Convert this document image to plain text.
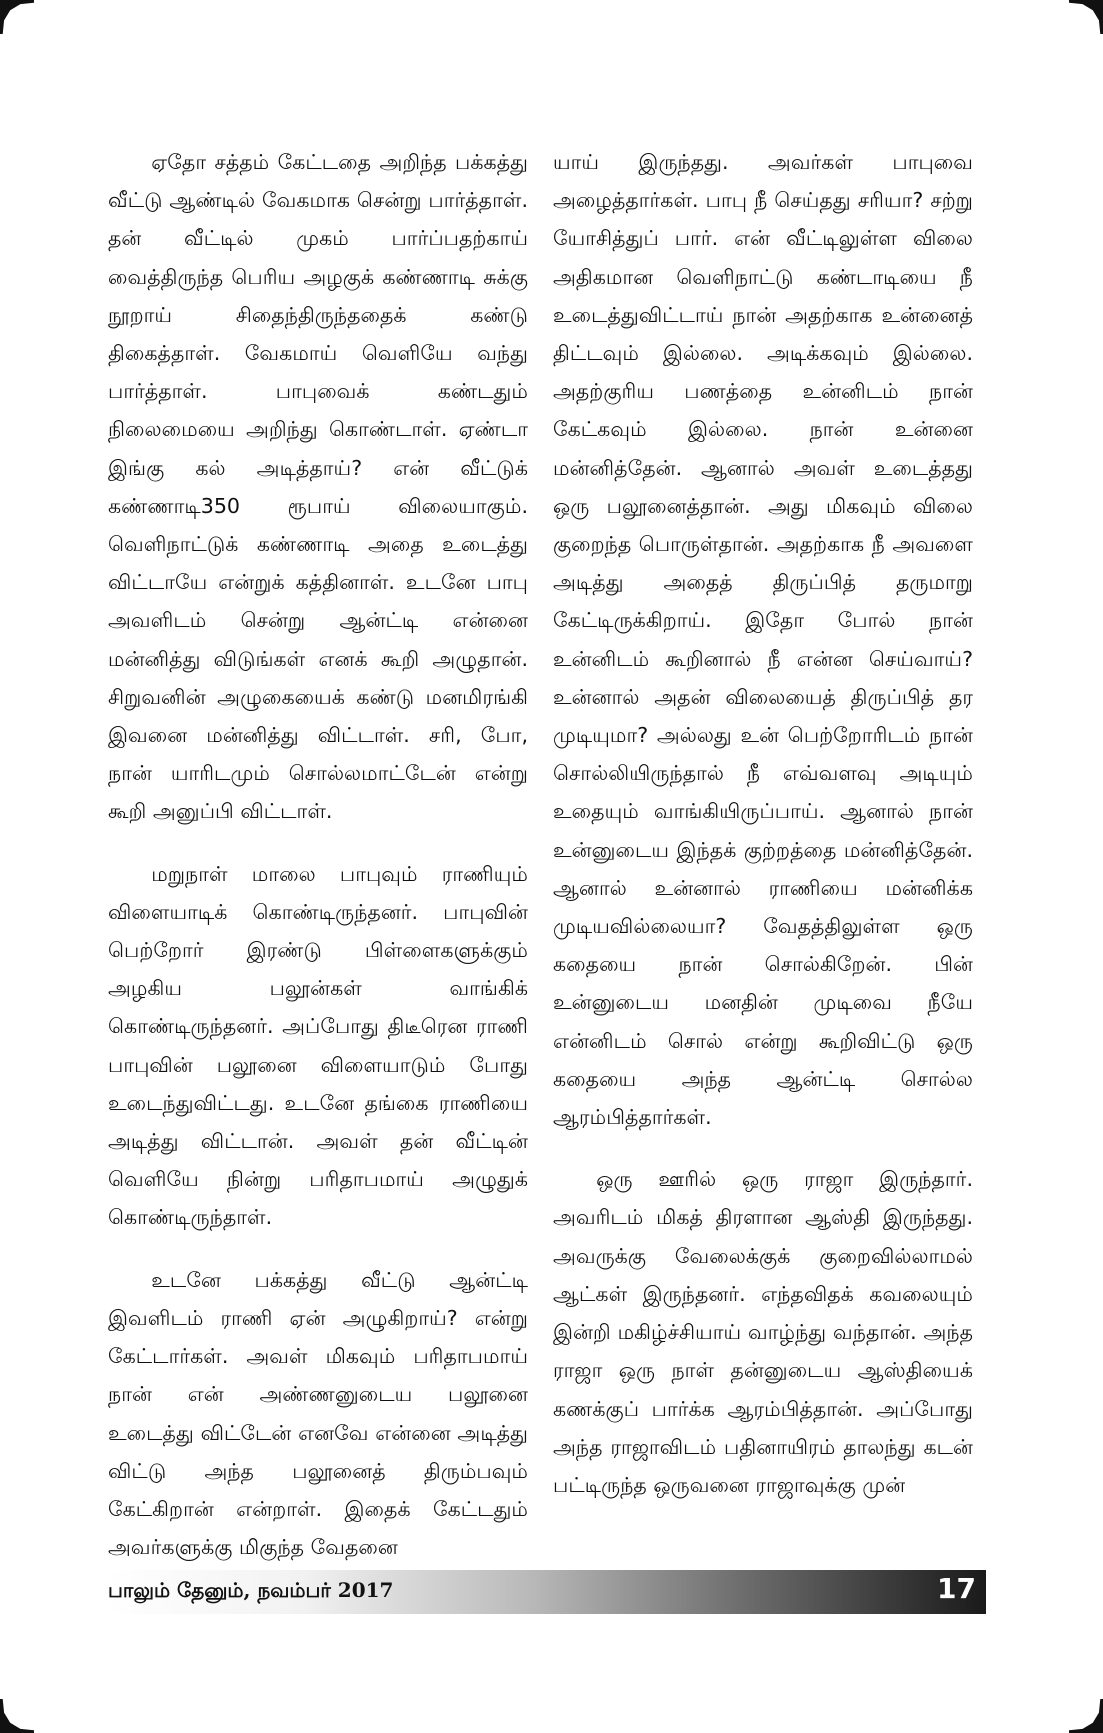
ஏதோ சத்தம் கேட்டதை அறிந்த பக்கத்து வீட்டு ஆண்டில் வேகமாக சென்று பார்த்தாள். தன் வீட்டில் முகம் பார்ப்பதற்காய் வைத்திருந்த பெரிய அழகுக் கண்ணாடி சுக்கு நூறாய் சிதைந்திருந்ததைக் கண்டு திகைத்தாள். வேகமாய் வெளியே வந்து பார்த்தாள். பாபுவைக் கண்டதும் நிலைமையை அறிந்து கொண்டாள். ஏண்டா இங்கு கல் அடித்தாய்? என் வீட்டுக் கண்ணாடி350 ரூபாய் விலையாகும். வெளிநாட்டுக் கண்ணாடி அதை உடைத்து விட்டாயே என்றுக் கத்தினாள். உடனே பாபு அவளிடம் சென்று ஆன்ட்டி என்னை மன்னித்து விடுங்கள் எனக் கூறி அழுதான். சிறுவனின் அழுகையைக் கண்டு மனமிரங்கி இவனை மன்னித்து விட்டாள். சரி, போ, நான் யாரிடமும் சொல்லமாட்டேன் என்று கூறி அனுப்பி விட்டாள்.

மறுநாள் மாலை பாபுவும் ராணியும் விளையாடிக் கொண்டிருந்தனர். பாபுவின் பெற்றோர் இரண்டு பிள்ளைகளுக்கும் அழகிய பலூன்கள் வாங்கிக் கொண்டிருந்தனர். அப்போது திடீரென ராணி பாபுவின் பலூனை விளையாடும் போது உடைந்துவிட்டது. உடனே தங்கை ராணியை அடித்து விட்டான். அவள் தன் வீட்டின் வெளியே நின்று பரிதாபமாய் அழுதுக் கொண்டிருந்தாள்.

உடனே பக்கத்து வீட்டு ஆன்ட்டி இவளிடம் ராணி ஏன் அழுகிறாய்? என்று கேட்டார்கள். அவள் மிகவும் பரிதாபமாய் நான் என் அண்ணனுடைய பலூனை உடைத்து விட்டேன் எனவே என்னை அடித்து விட்டு அந்த பலூனைத் திரும்பவும் கேட்கிறான் என்றாள். இதைக் கேட்டதும் அவர்களுக்கு மிகுந்த வேதனை

யாய் இருந்தது. அவர்கள் பாபுவை அழைத்தார்கள். பாபு நீ செய்தது சரியா? சற்று யோசித்துப் பார். என் வீட்டிலுள்ள விலை அதிகமான வெளிநாட்டு கண்டாடியை நீ உடைத்துவிட்டாய் நான் அதற்காக உன்னைத் திட்டவும் இல்லை. அடிக்கவும் இல்லை. அதற்குரிய பணத்தை உன்னிடம் நான் கேட்கவும் இல்லை. நான் உன்னை மன்னித்தேன். ஆனால் அவள் உடைத்தது ஒரு பலூனைத்தான். அது மிகவும் விலை குறைந்த பொருள்தான். அதற்காக நீ அவளை அடித்து அதைத் திருப்பித் தருமாறு கேட்டிருக்கிறாய். இதோ போல் நான் உன்னிடம் கூறினால் நீ என்ன செய்வாய்? உன்னால் அதன் விலையைத் திருப்பித் தர முடியுமா? அல்லது உன் பெற்றோரிடம் நான் சொல்லியிருந்தால் நீ எவ்வளவு அடியும் உதையும் வாங்கியிருப்பாய். ஆனால் நான் உன்னுடைய இந்தக் குற்றத்தை மன்னித்தேன். ஆனால் உன்னால் ராணியை மன்னிக்க முடியவில்லையா? வேதத்திலுள்ள ஒரு கதையை நான் சொல்கிறேன். பின் உன்னுடைய மனதின் முடிவை நீயே என்னிடம் சொல் என்று கூறிவிட்டு ஒரு கதையை அந்த ஆன்ட்டி சொல்ல ஆரம்பித்தார்கள்.

ஒரு ஊரில் ஒரு ராஜா இருந்தார். அவரிடம் மிகத் திரளான ஆஸ்தி இருந்தது. அவருக்கு வேலைக்குக் குறைவில்லாமல் ஆட்கள் இருந்தனர். எந்தவிதக் கவலையும் இன்றி மகிழ்ச்சியாய் வாழ்ந்து வந்தான். அந்த ராஜா ஒரு நாள் தன்னுடைய ஆஸ்தியைக் கணக்குப் பார்க்க ஆரம்பித்தான். அப்போது அந்த ராஜாவிடம் பதினாயிரம் தாலந்து கடன் பட்டிருந்த ஒருவனை ராஜாவுக்கு முன்

பாலும் தேனும், நவம்பர் 2017	17
